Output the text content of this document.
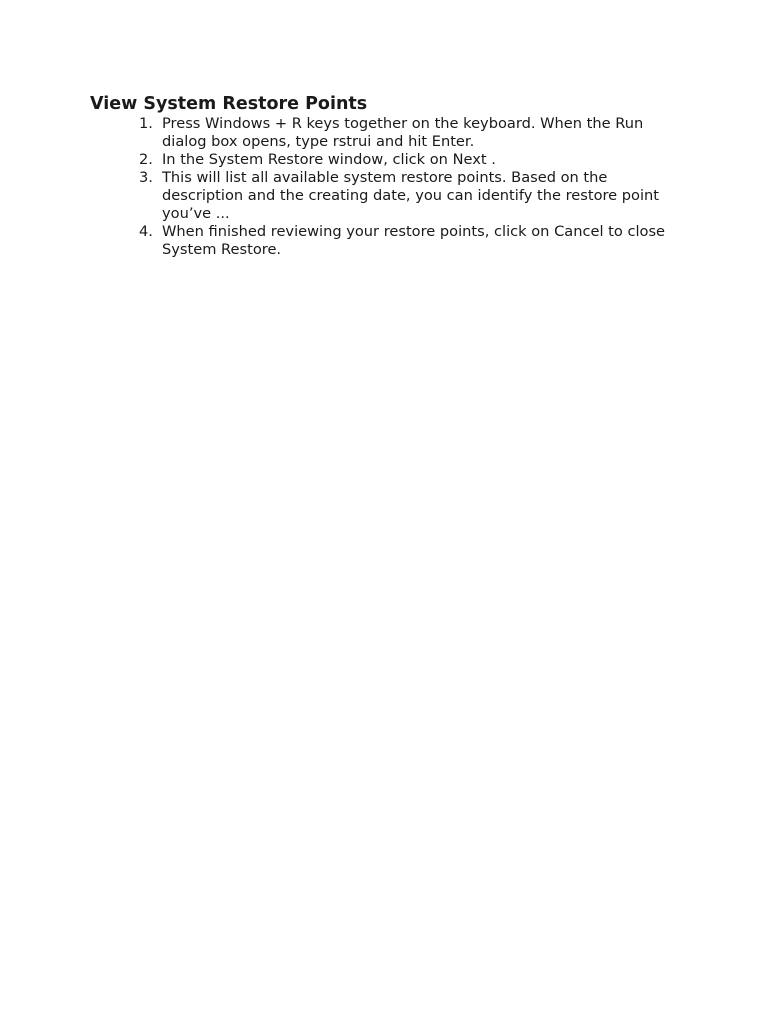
View System Restore Points
1. Press Windows + R keys together on the keyboard. When the Run dialog box opens, type rstrui and hit Enter.
2. In the System Restore window, click on Next .
3. This will list all available system restore points. Based on the description and the creating date, you can identify the restore point you’ve ...
4. When finished reviewing your restore points, click on Cancel to close System Restore.
